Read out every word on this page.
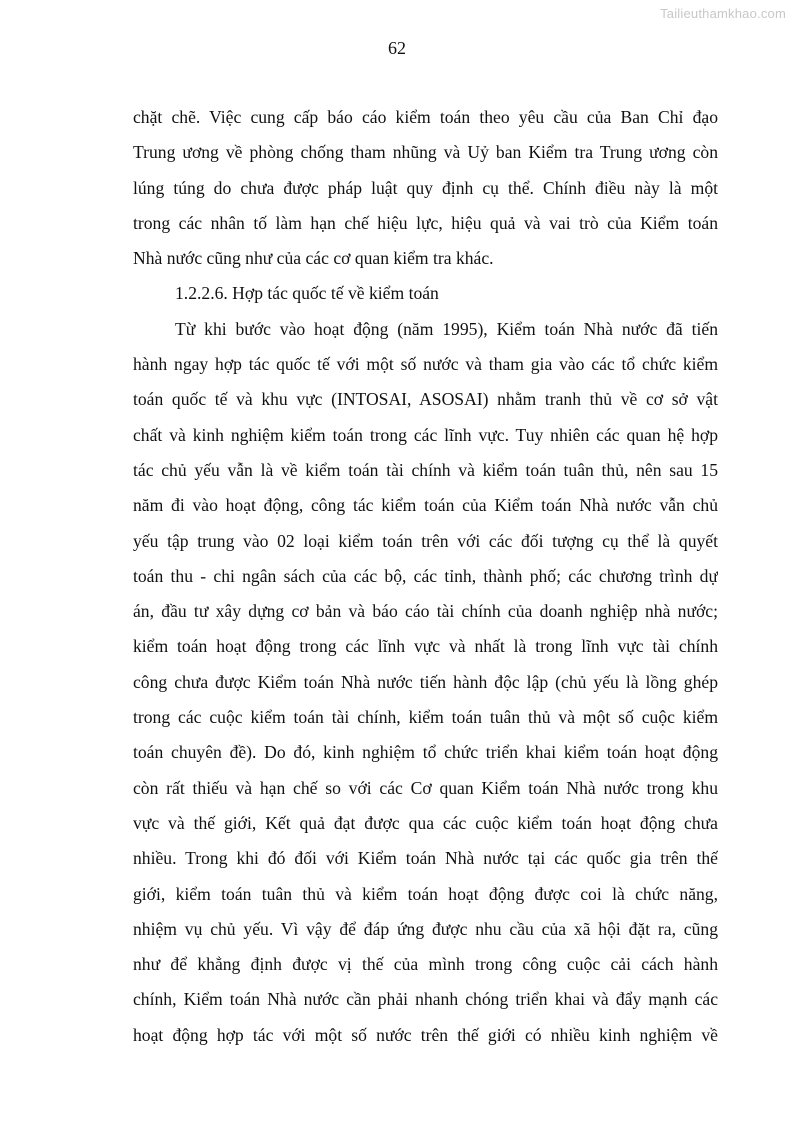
Tailieuthamkhao.com
62
chặt chẽ. Việc cung cấp báo cáo kiểm toán theo yêu cầu của Ban Chỉ đạo
Trung ương về phòng chống tham nhũng và Uỷ ban Kiểm tra Trung ương còn
lúng túng do chưa được pháp luật quy định cụ thể. Chính điều này là một
trong các nhân tố làm hạn chế hiệu lực, hiệu quả và vai trò của Kiểm toán
Nhà nước cũng như của các cơ quan kiểm tra khác.
1.2.2.6. Hợp tác quốc tế về kiểm toán
Từ khi bước vào hoạt động (năm 1995), Kiểm toán Nhà nước đã tiến
hành ngay hợp tác quốc tế với một số nước và tham gia vào các tổ chức kiểm
toán quốc tế và khu vực (INTOSAI, ASOSAI) nhằm tranh thủ về cơ sở vật
chất và kinh nghiệm kiểm toán trong các lĩnh vực. Tuy nhiên các quan hệ hợp
tác chủ yếu vẫn là về kiểm toán tài chính và kiểm toán tuân thủ, nên sau 15
năm đi vào hoạt động, công tác kiểm toán của Kiểm toán Nhà nước vẫn chủ
yếu tập trung vào 02 loại kiểm toán trên với các đối tượng cụ thể là quyết
toán thu - chi ngân sách của các bộ, các tỉnh, thành phố; các chương trình dự
án, đầu tư xây dựng cơ bản và báo cáo tài chính của doanh nghiệp nhà nước;
kiểm toán hoạt động trong các lĩnh vực và nhất là trong lĩnh vực tài chính
công chưa được Kiểm toán Nhà nước tiến hành độc lập (chủ yếu là lồng ghép
trong các cuộc kiểm toán tài chính, kiểm toán tuân thủ và một số cuộc kiểm
toán chuyên đề). Do đó, kinh nghiệm tổ chức triển khai kiểm toán hoạt động
còn rất thiếu và hạn chế so với các Cơ quan Kiểm toán Nhà nước trong khu
vực và thế giới, Kết quả đạt được qua các cuộc kiểm toán hoạt động chưa
nhiều. Trong khi đó đối với Kiểm toán Nhà nước tại các quốc gia trên thế
giới, kiểm toán tuân thủ và kiểm toán hoạt động được coi là chức năng,
nhiệm vụ chủ yếu. Vì vậy để đáp ứng được nhu cầu của xã hội đặt ra, cũng
như để khẳng định được vị thế của mình trong công cuộc cải cách hành
chính, Kiểm toán Nhà nước cần phải nhanh chóng triển khai và đẩy mạnh các
hoạt động hợp tác với một số nước trên thế giới có nhiều kinh nghiệm về
